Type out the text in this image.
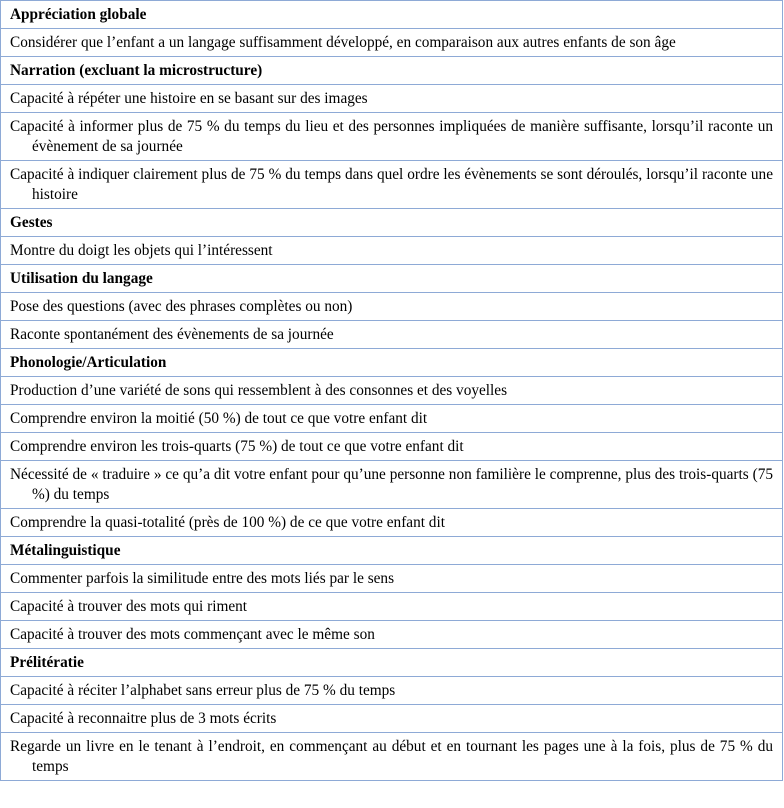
Appréciation globale

Considérer que l’enfant a un langage suffisamment développé, en comparaison aux autres enfants de son âge

Narration (excluant la microstructure)

Capacité à répéter une histoire en se basant sur des images

Capacité à informer plus de 75 % du temps du lieu et des personnes impliquées de manière suffisante, lorsqu’il raconte un évènement de sa journée

Capacité à indiquer clairement plus de 75 % du temps dans quel ordre les évènements se sont déroulés, lorsqu’il raconte une histoire

Gestes

Montre du doigt les objets qui l’intéressent

Utilisation du langage

Pose des questions (avec des phrases complètes ou non)

Raconte spontanément des évènements de sa journée

Phonologie/Articulation

Production d’une variété de sons qui ressemblent à des consonnes et des voyelles

Comprendre environ la moitié (50 %) de tout ce que votre enfant dit

Comprendre environ les trois-quarts (75 %) de tout ce que votre enfant dit

Nécessité de « traduire » ce qu’a dit votre enfant pour qu’une personne non familière le comprenne, plus des trois-quarts (75 %) du temps

Comprendre la quasi-totalité (près de 100 %) de ce que votre enfant dit

Métalinguistique

Commenter parfois la similitude entre des mots liés par le sens

Capacité à trouver des mots qui riment

Capacité à trouver des mots commençant avec le même son

Prélitératie

Capacité à réciter l’alphabet sans erreur plus de 75 % du temps

Capacité à reconnaitre plus de 3 mots écrits

Regarde un livre en le tenant à l’endroit, en commençant au début et en tournant les pages une à la fois, plus de 75 % du temps
